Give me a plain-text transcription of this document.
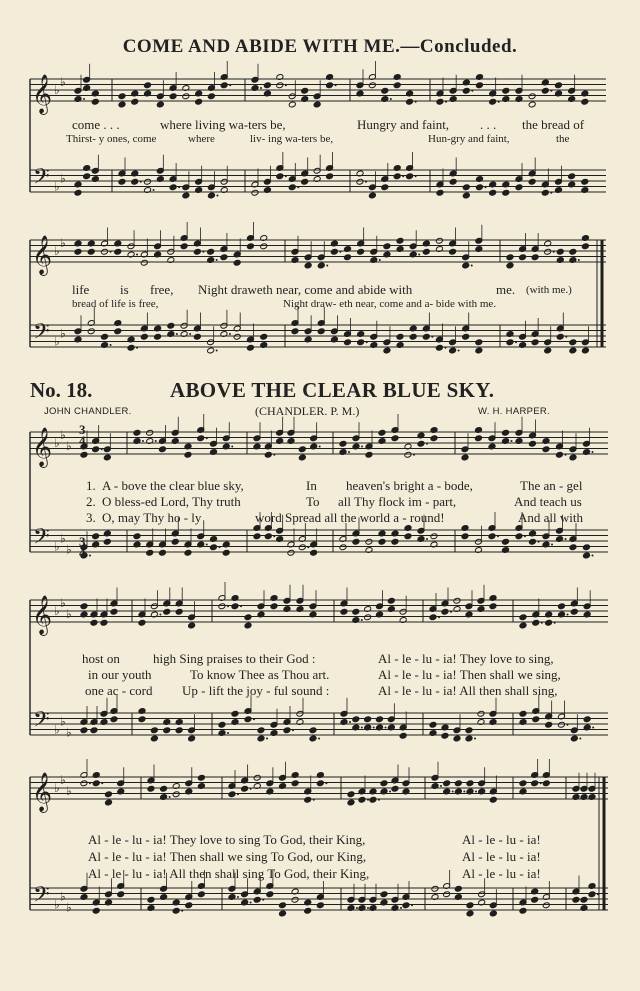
𝄞
𝄢
♭
♭
♭
♭
𝄞
𝄢
♭
♭
♭
♭
𝄞
𝄢
♭
♭
♭
♭
♭
♭
𝄞
𝄢
♭
♭
♭
♭
♭
♭
𝄞
𝄢
♭
♭
♭
♭
♭
♭
COME AND ABIDE WITH ME.—Concluded.
come . . .	where living wa-ters be,	Hungry and faint, . . . the bread of
Thirst- y ones, come	where	liv- ing wa-ters be,	Hun-gry and faint,	the
life is free, Night draweth near, come and abide with	me. (with me.)
bread of life is free,	Night draw- eth near, come and a- bide with me.
No. 18.	ABOVE THE CLEAR BLUE SKY.
JOHN CHANDLER.	(CHANDLER. P. M.)	W. H. HARPER.
1. A - bove the clear blue sky,	In heaven's bright a - bode,	The an - gel
2. O bless-ed Lord, Thy truth	To all Thy flock im - part,	And teach us
3. O, may Thy ho - ly	word Spread all the world a - round!	And all with
host on	high Sing praises to their God :	Al - le - lu - ia! They love to sing,
in our youth	To know Thee as Thou art.	Al - le - lu - ia! Then shall we sing,
one ac - cord Up - lift the joy - ful sound :	Al - le - lu - ia! All then shall sing,
Al - le - lu - ia! They love to sing To God, their King,	Al - le - lu - ia!
Al - le - lu - ia! Then shall we sing To God, our King,	Al - le - lu - ia!
Al - le - lu - ia! All then shall sing To God, their King,	Al - le - lu - ia!
3
4
3
4
